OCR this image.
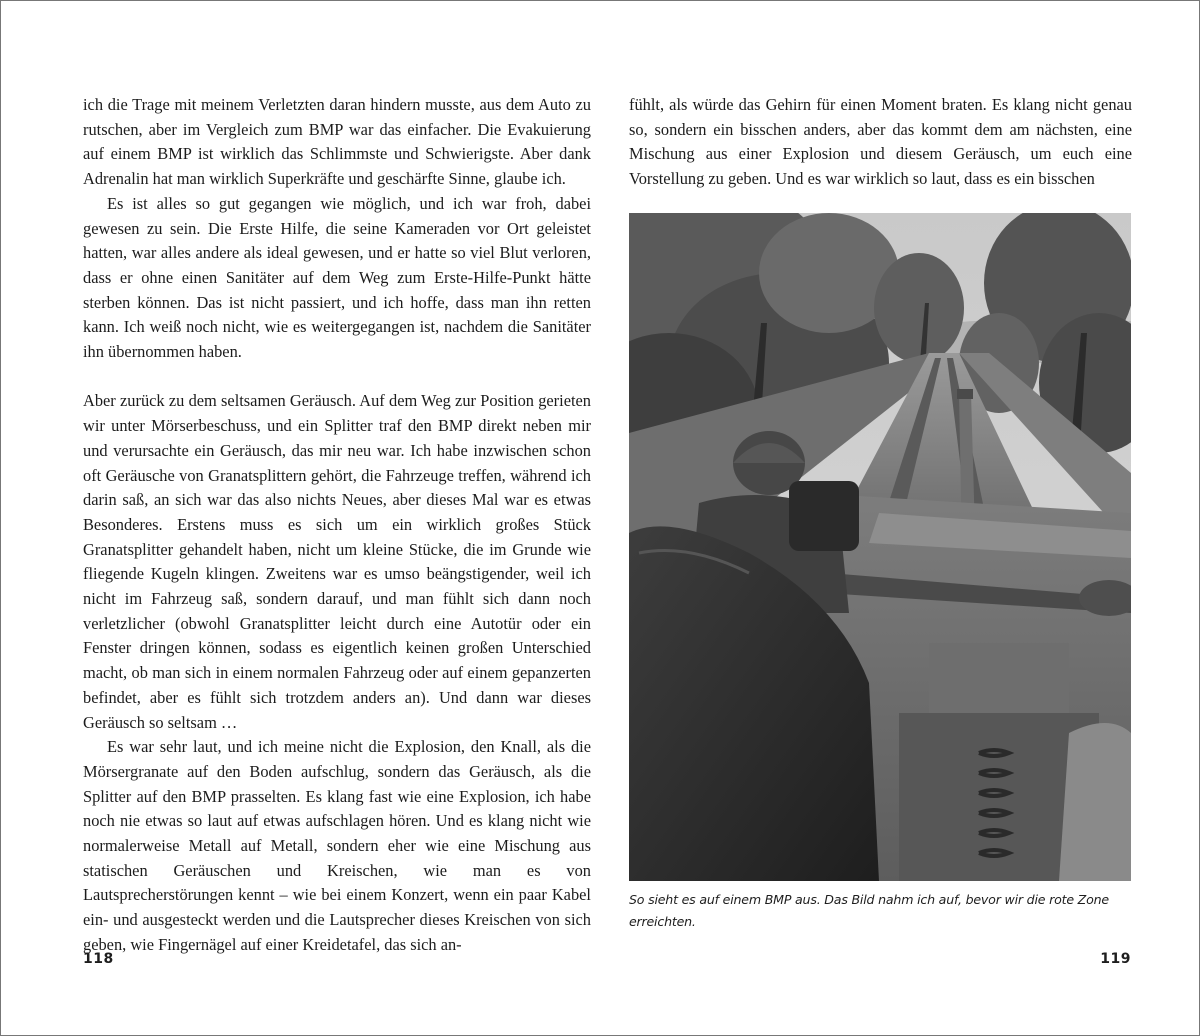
ich die Trage mit meinem Verletzten daran hindern musste, aus dem Auto zu rutschen, aber im Vergleich zum BMP war das einfacher. Die Evakuierung auf einem BMP ist wirklich das Schlimmste und Schwierigste. Aber dank Adrenalin hat man wirklich Superkräfte und geschärfte Sinne, glaube ich.

Es ist alles so gut gegangen wie möglich, und ich war froh, dabei gewesen zu sein. Die Erste Hilfe, die seine Kameraden vor Ort geleistet hatten, war alles andere als ideal gewesen, und er hatte so viel Blut verloren, dass er ohne einen Sanitäter auf dem Weg zum Erste-Hilfe-Punkt hätte sterben können. Das ist nicht passiert, und ich hoffe, dass man ihn retten kann. Ich weiß noch nicht, wie es weitergegangen ist, nachdem die Sanitäter ihn übernommen haben.

Aber zurück zu dem seltsamen Geräusch. Auf dem Weg zur Position gerieten wir unter Mörserbeschuss, und ein Splitter traf den BMP direkt neben mir und verursachte ein Geräusch, das mir neu war. Ich habe inzwischen schon oft Geräusche von Granatsplittern gehört, die Fahrzeuge treffen, während ich darin saß, an sich war das also nichts Neues, aber dieses Mal war es etwas Besonderes. Erstens muss es sich um ein wirklich großes Stück Granatsplitter gehandelt haben, nicht um kleine Stücke, die im Grunde wie fliegende Kugeln klingen. Zweitens war es umso beängstigender, weil ich nicht im Fahrzeug saß, sondern darauf, und man fühlt sich dann noch verletzlicher (obwohl Granatsplitter leicht durch eine Autotür oder ein Fenster dringen können, sodass es eigentlich keinen großen Unterschied macht, ob man sich in einem normalen Fahrzeug oder auf einem gepanzerten befindet, aber es fühlt sich trotzdem anders an). Und dann war dieses Geräusch so seltsam …

Es war sehr laut, und ich meine nicht die Explosion, den Knall, als die Mörsergranate auf den Boden aufschlug, sondern das Geräusch, als die Splitter auf den BMP prasselten. Es klang fast wie eine Explosion, ich habe noch nie etwas so laut auf etwas aufschlagen hören. Und es klang nicht wie normalerweise Metall auf Metall, sondern eher wie eine Mischung aus statischen Geräuschen und Kreischen, wie man es von Lautsprecherstörungen kennt – wie bei einem Konzert, wenn ein paar Kabel ein- und ausgesteckt werden und die Lautsprecher dieses Kreischen von sich geben, wie Fingernägel auf einer Kreidetafel, das sich an-

118

fühlt, als würde das Gehirn für einen Moment braten. Es klang nicht genau so, sondern ein bisschen anders, aber das kommt dem am nächsten, eine Mischung aus einer Explosion und diesem Geräusch, um euch eine Vorstellung zu geben. Und es war wirklich so laut, dass es ein bisschen

So sieht es auf einem BMP aus. Das Bild nahm ich auf, bevor wir die rote Zone erreichten.
119
